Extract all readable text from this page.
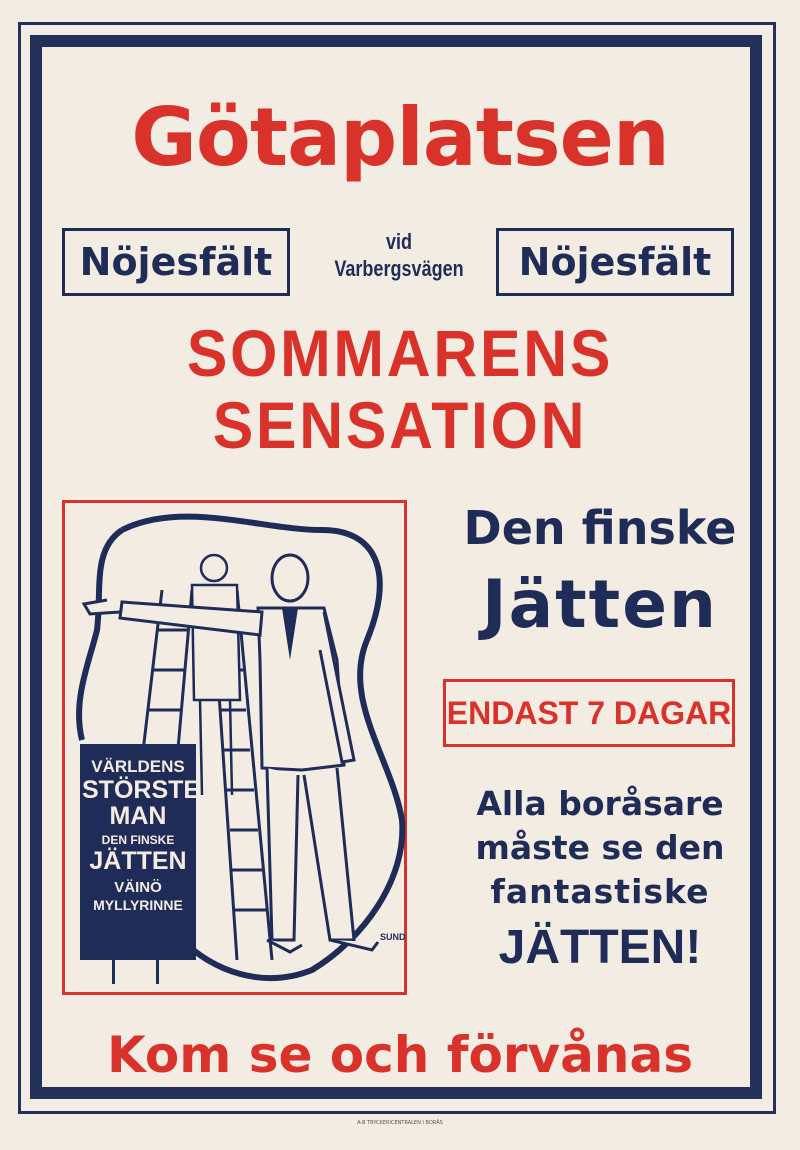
Götaplatsen
Nöjesfält	Nöjesfält
vid
Varbergsvägen
SOMMARENS
SENSATION
SUND
VÄRLDENS
STÖRSTE
MAN
DEN FINSKE
JÄTTEN
VÄINÖ
MYLLYRINNE
Den finske
Jätten
ENDAST 7 DAGAR
Alla boråsare
måste se den
fantastiske
JÄTTEN!
Kom se och förvånas
A-B TRYCKERICENTRALEN I BORÅS
